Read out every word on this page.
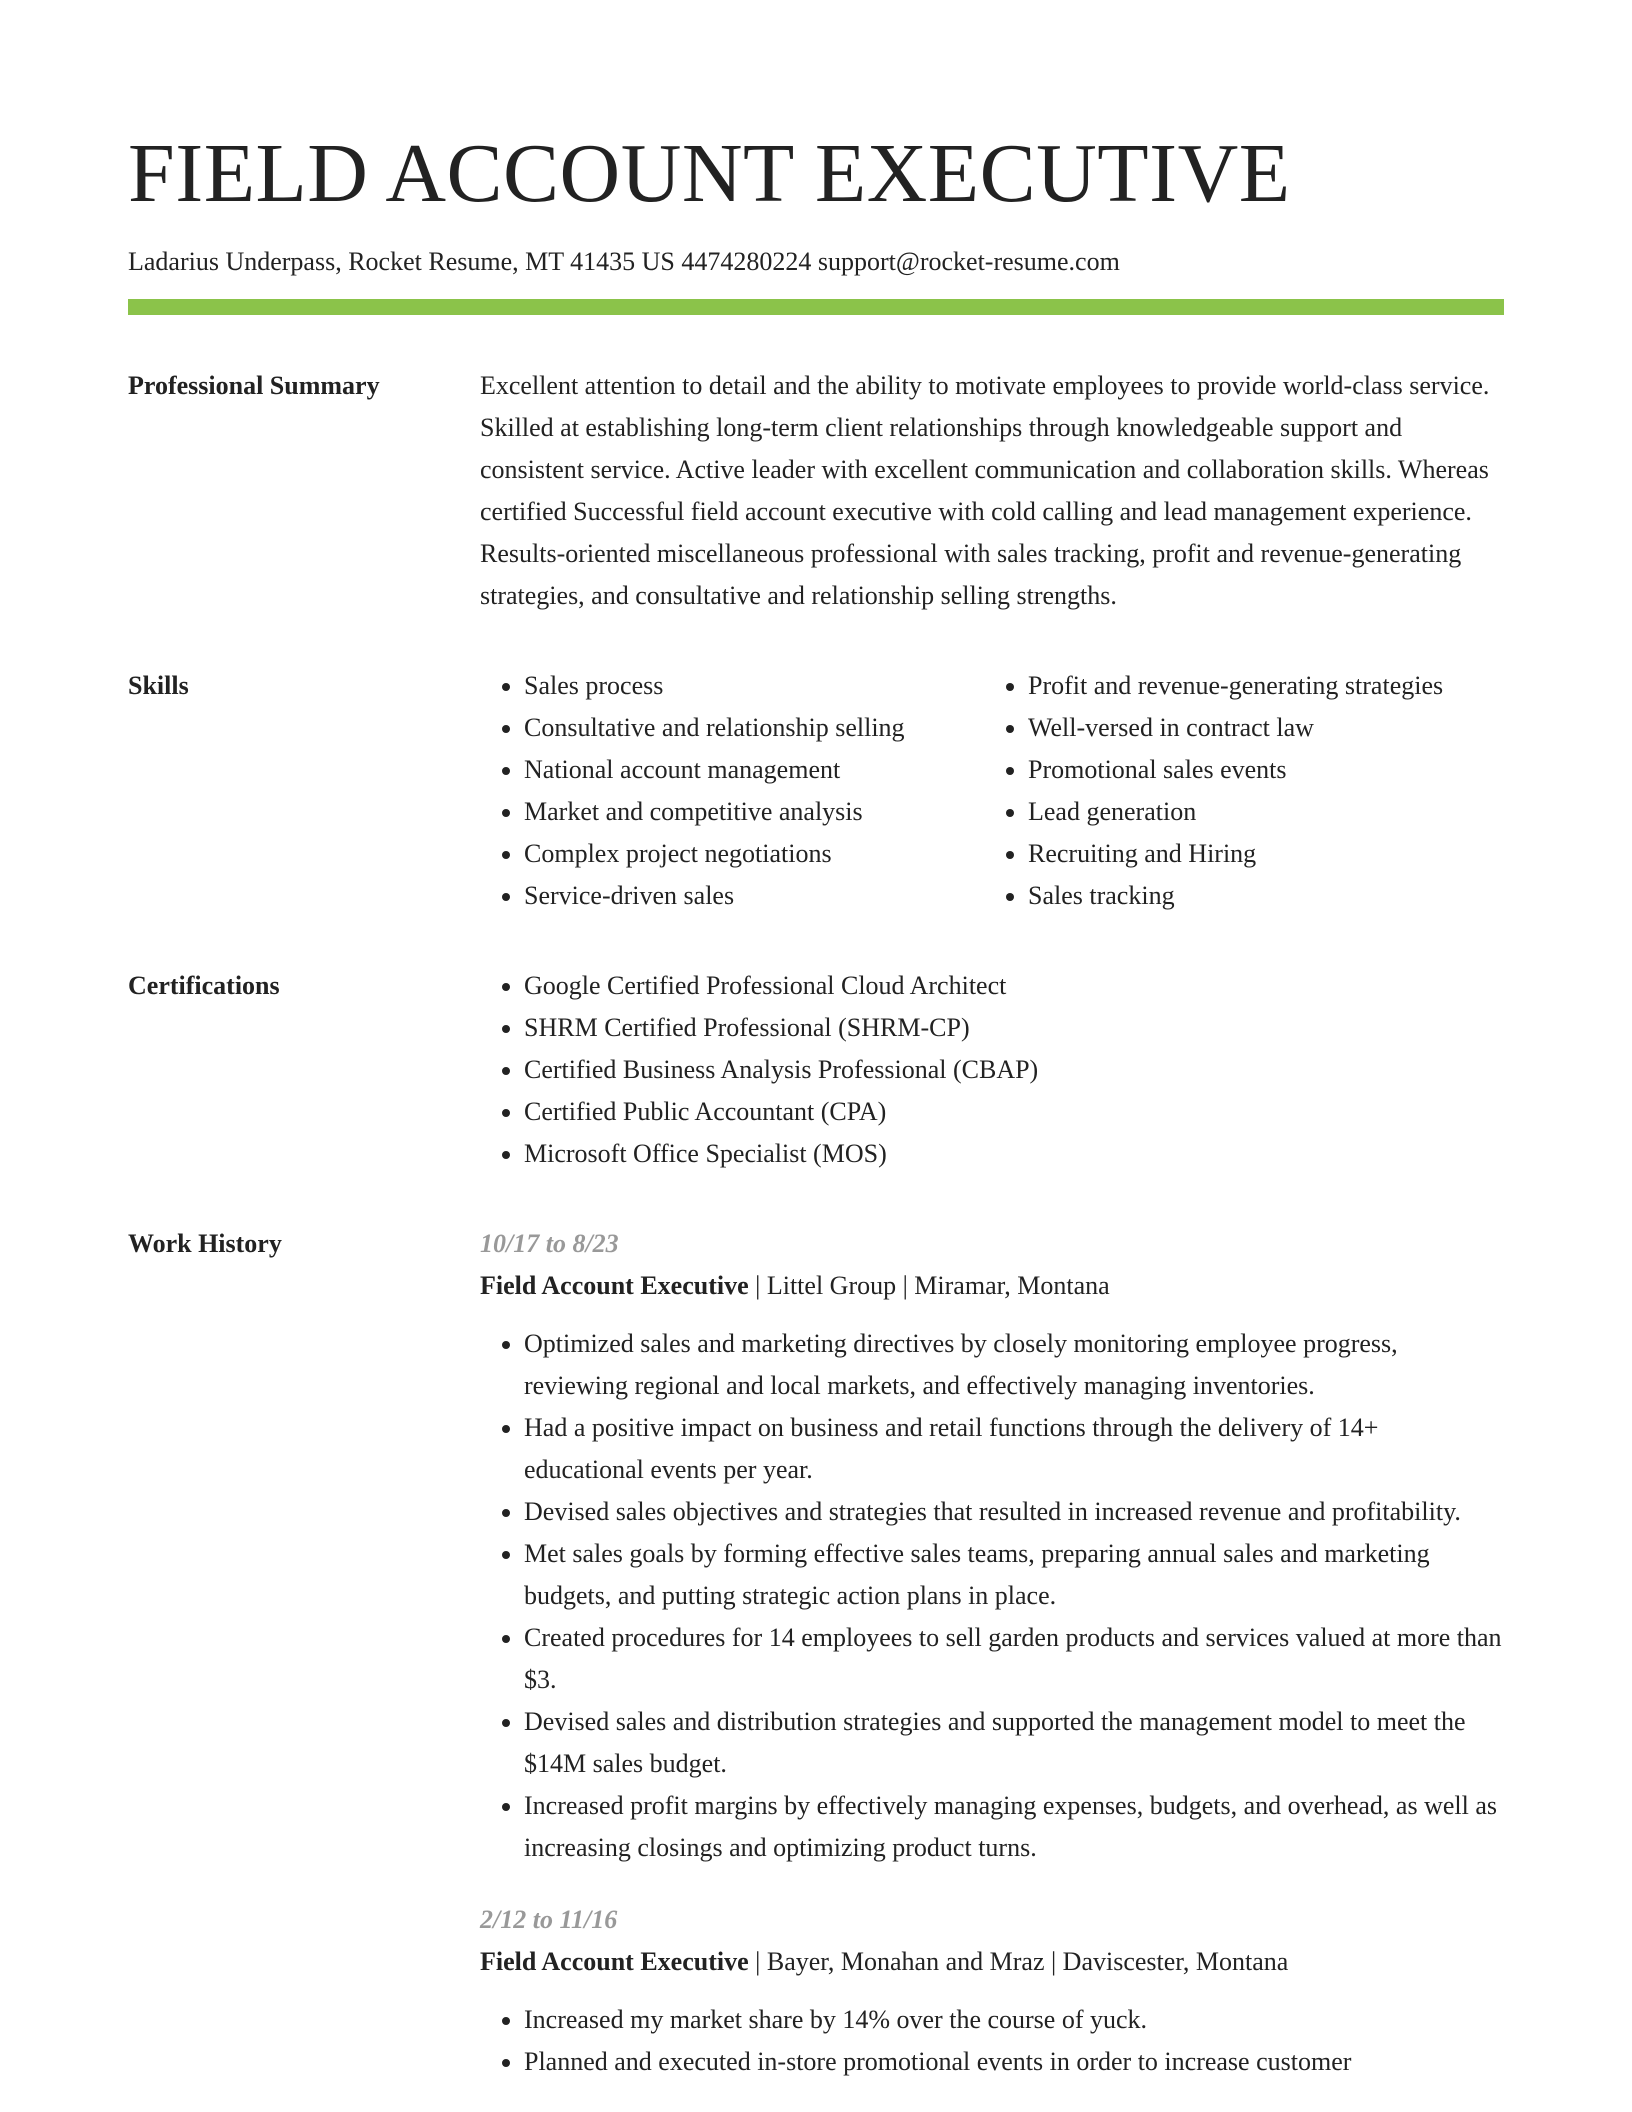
FIELD ACCOUNT EXECUTIVE
Ladarius Underpass, Rocket Resume, MT 41435 US 4474280224 support@rocket-resume.com
Professional Summary	Excellent attention to detail and the ability to motivate employees to provide world-class service. Skilled at establishing long-term client relationships through knowledgeable support and consistent service. Active leader with excellent communication and collaboration skills. Whereas certified Successful field account executive with cold calling and lead management experience. Results-oriented miscellaneous professional with sales tracking, profit and revenue-generating strategies, and consultative and relationship selling strengths.

Skills	• Sales process
• Consultative and relationship selling
• National account management
• Market and competitive analysis
• Complex project negotiations
• Service-driven sales
• Profit and revenue-generating strategies
• Well-versed in contract law
• Promotional sales events
• Lead generation
• Recruiting and Hiring
• Sales tracking
Certifications	• Google Certified Professional Cloud Architect
• SHRM Certified Professional (SHRM-CP)
• Certified Business Analysis Professional (CBAP)
• Certified Public Accountant (CPA)
• Microsoft Office Specialist (MOS)
Work History	10/17 to 8/23
Field Account Executive | Littel Group | Miramar, Montana
• Optimized sales and marketing directives by closely monitoring employee progress, reviewing regional and local markets, and effectively managing inventories.
• Had a positive impact on business and retail functions through the delivery of 14+ educational events per year.
• Devised sales objectives and strategies that resulted in increased revenue and profitability.
• Met sales goals by forming effective sales teams, preparing annual sales and marketing budgets, and putting strategic action plans in place.
• Created procedures for 14 employees to sell garden products and services valued at more than $3.
• Devised sales and distribution strategies and supported the management model to meet the $14M sales budget.
• Increased profit margins by effectively managing expenses, budgets, and overhead, as well as increasing closings and optimizing product turns.
2/12 to 11/16
Field Account Executive | Bayer, Monahan and Mraz | Daviscester, Montana
• Increased my market share by 14% over the course of yuck.
• Planned and executed in-store promotional events in order to increase customer
